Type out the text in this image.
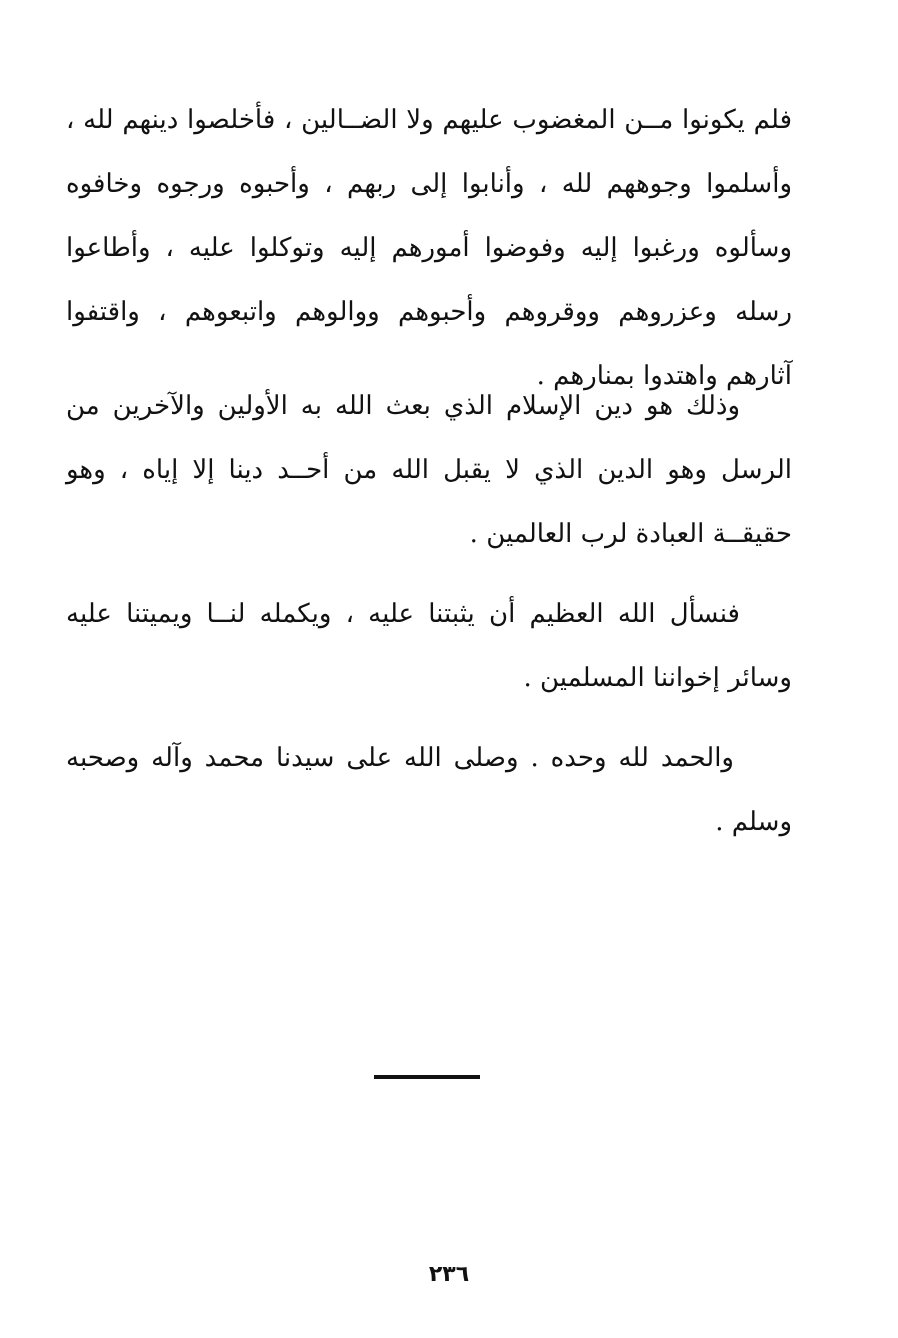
فلم يكونوا مــن المغضوب عليهم ولا الضــالين ، فأخلصوا دينهم لله ، وأسلموا وجوههم لله ، وأنابوا إلى ربهم ، وأحبوه ورجوه وخافوه وسألوه ورغبوا إليه وفوضوا أمورهم إليه وتوكلوا عليه ، وأطاعوا رسله وعزروهم ووقروهم وأحبوهم ووالوهم واتبعوهم ، واقتفوا آثارهم واهتدوا بمنارهم .

وذلك هو دين الإسلام الذي بعث الله به الأولين والآخرين من الرسل وهو الدين الذي لا يقبل الله من أحــد دينا إلا إياه ، وهو حقيقــة العبادة لرب العالمين .

فنسأل الله العظيم أن يثبتنا عليه ، ويكمله لنــا ويميتنا عليه وسائر إخواننا المسلمين .

والحمد لله وحده . وصلى الله على سيدنا محمد وآله وصحبه وسلم .

٢٣٦
